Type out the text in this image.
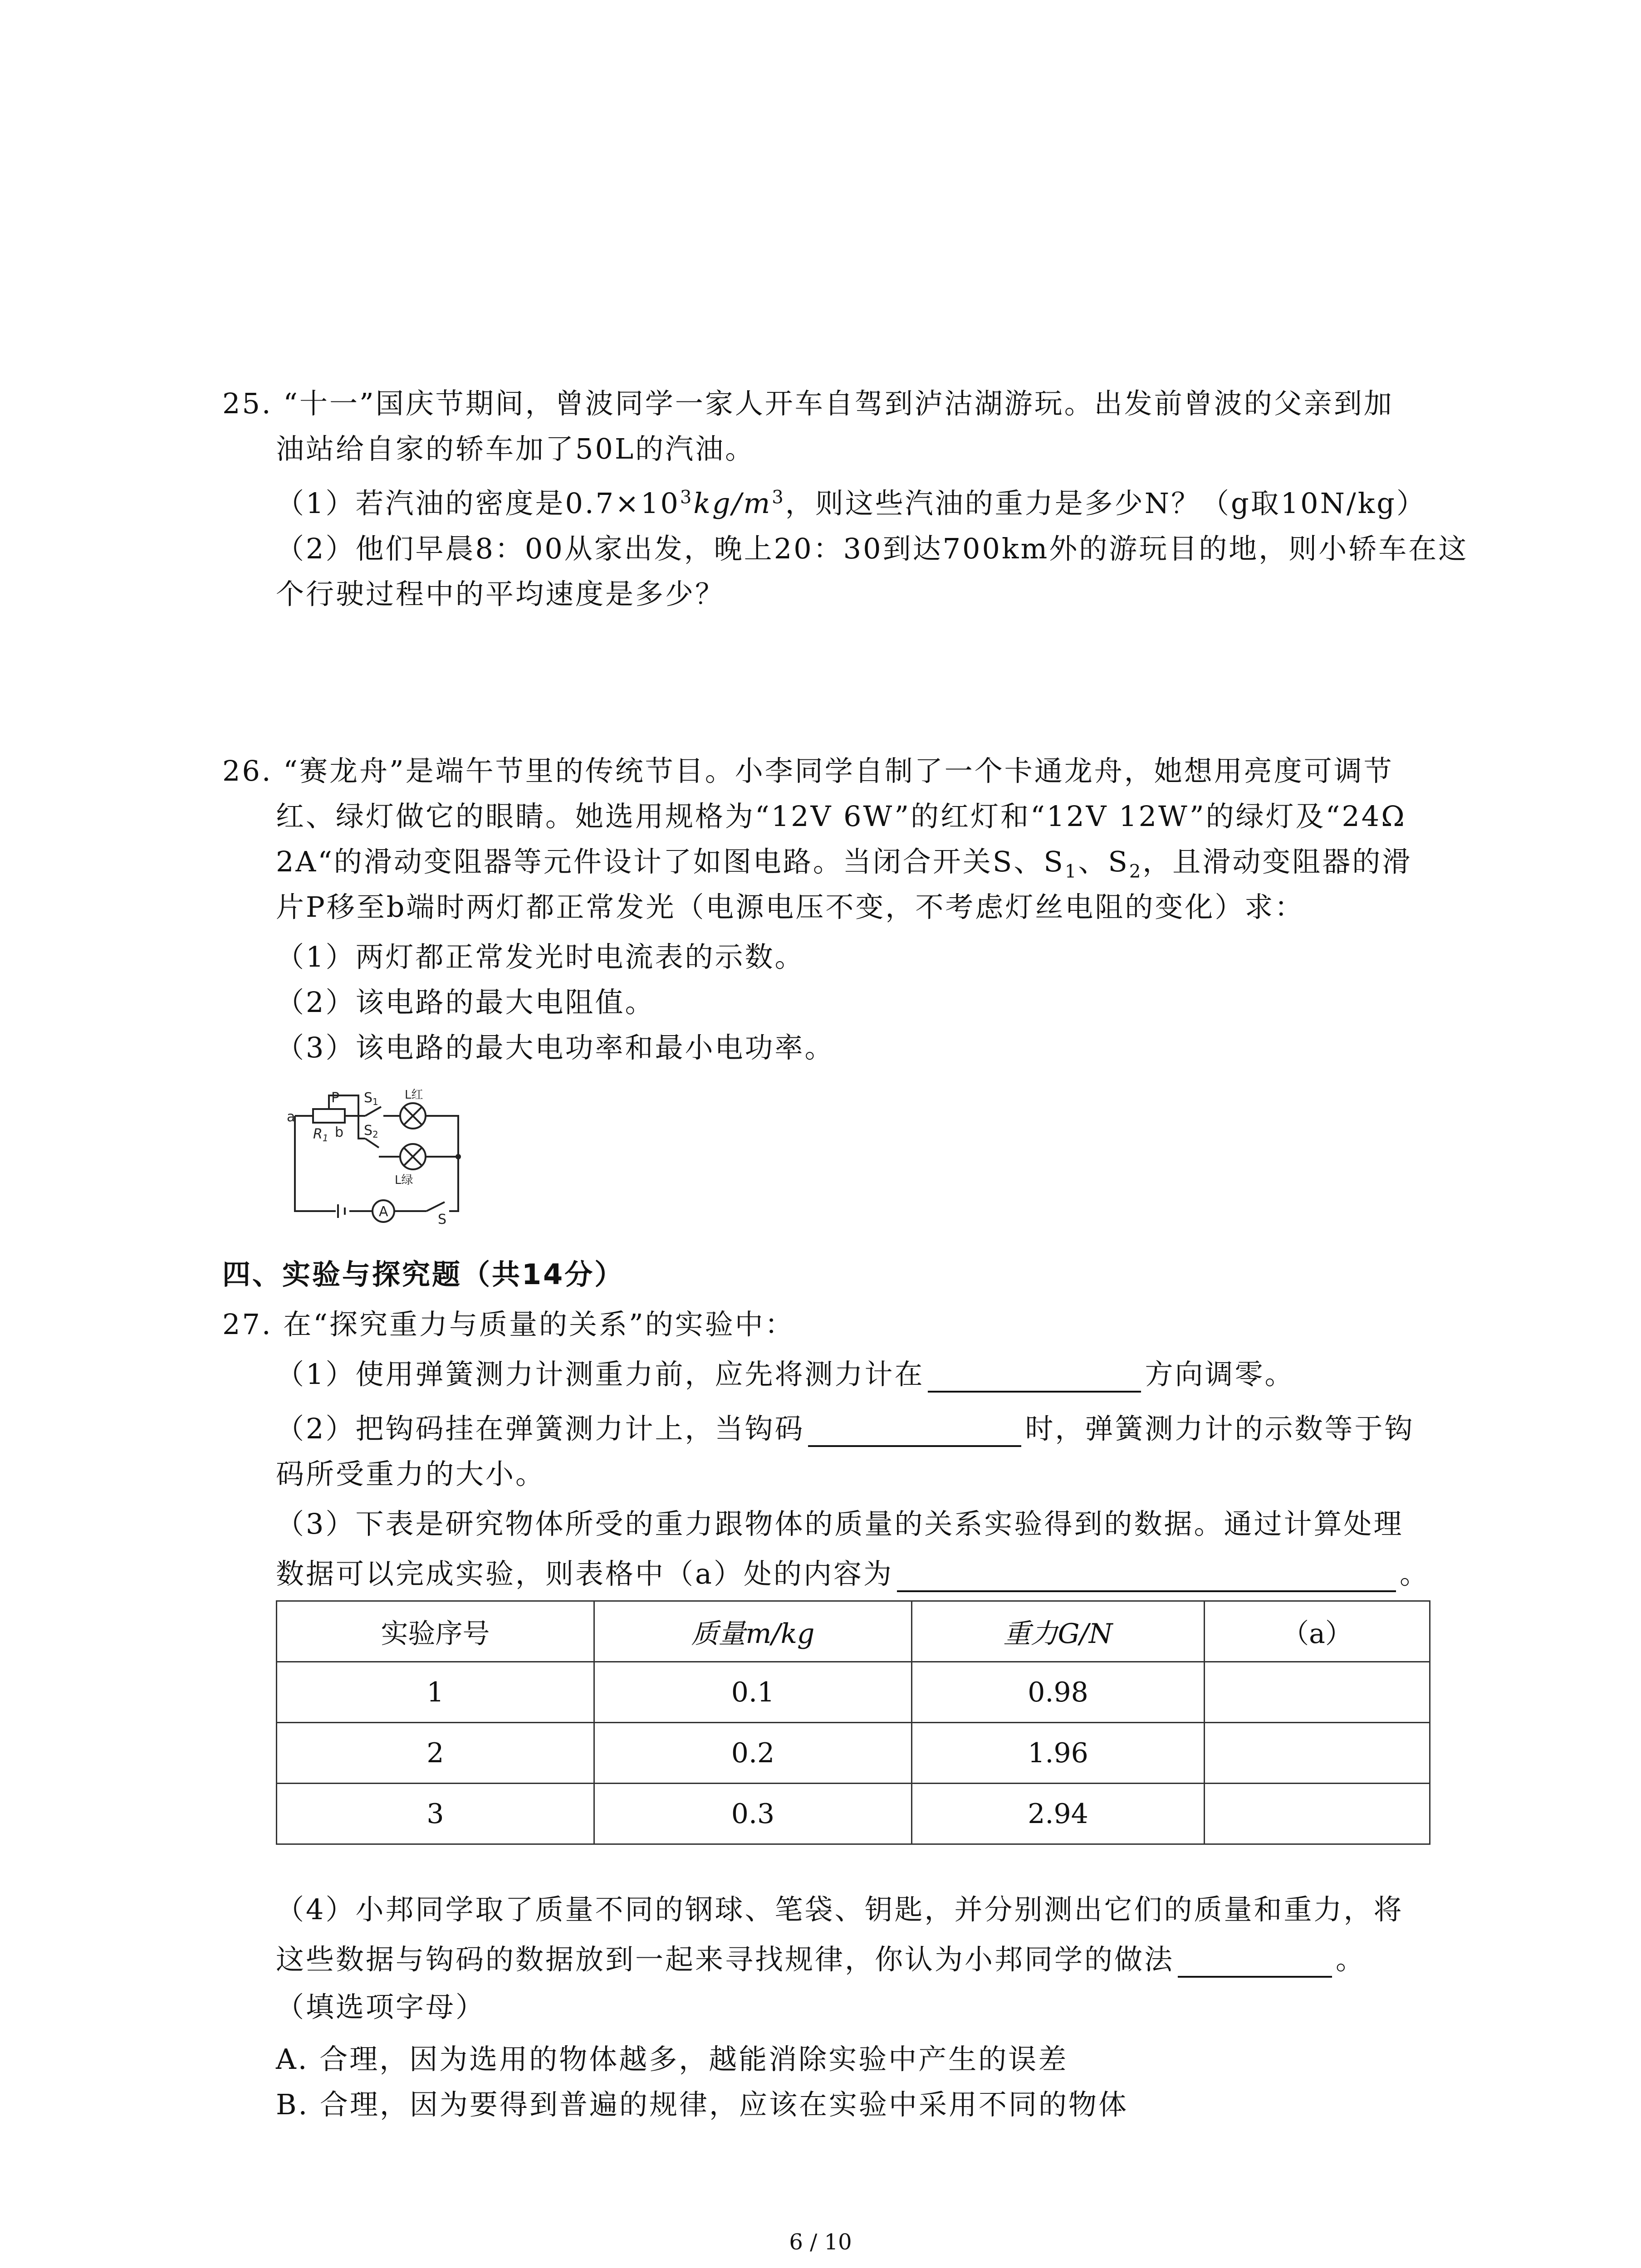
25. “十一”国庆节期间，曾波同学一家人开车自驾到泸沽湖游玩。出发前曾波的父亲到加
油站给自家的轿车加了50L的汽油。
（1）若汽油的密度是$0.7\times 10^3kg/m^3$，则这些汽油的重力是多少N？（g取10N/kg）
（2）他们早晨8：00从家出发，晚上20：30到达700km外的游玩目的地，则小轿车在这
个行驶过程中的平均速度是多少？
26. “赛龙舟”是端午节里的传统节目。小李同学自制了一个卡通龙舟，她想用亮度可调节
红、绿灯做它的眼睛。她选用规格为“12V 6W”的红灯和“12V 12W”的绿灯及“24Ω
2A“的滑动变阻器等元件设计了如图电路。当闭合开关S、$S_1$、$S_2$，且滑动变阻器的滑
片P移至b端时两灯都正常发光（电源电压不变，不考虑灯丝电阻的变化）求：
（1）两灯都正常发光时电流表的示数。
（2）该电路的最大电阻值。
（3）该电路的最大电功率和最小电功率。
a
P
$R_1$ b
$S_1$
$S_2$
L红
L绿
A	S
四、实验与探究题（共14分）
27. 在“探究重力与质量的关系”的实验中：
（1）使用弹簧测力计测重力前，应先将测力计在	方向调零。
（2）把钩码挂在弹簧测力计上，当钩码	时，弹簧测力计的示数等于钩
码所受重力的大小。
（3）下表是研究物体所受的重力跟物体的质量的关系实验得到的数据。通过计算处理
数据可以完成实验，则表格中（a）处的内容为	。
实验序号	质量m/kg	重力G/N	（a）
1	0.1	0.98	
2	0.2	1.96	
3	0.3	2.94	
（4）小邦同学取了质量不同的钢球、笔袋、钥匙，并分别测出它们的质量和重力，将
这些数据与钩码的数据放到一起来寻找规律，你认为小邦同学的做法	。
（填选项字母）
A. 合理，因为选用的物体越多，越能消除实验中产生的误差
B. 合理，因为要得到普遍的规律，应该在实验中采用不同的物体
6 / 10
